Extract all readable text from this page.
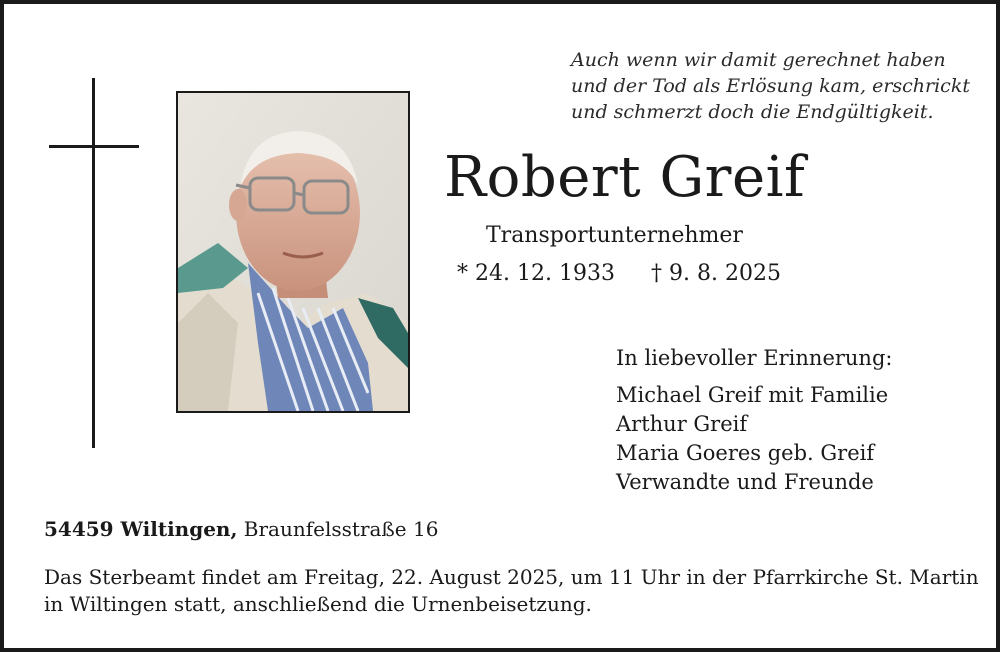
Auch wenn wir damit gerechnet haben
und der Tod als Erlösung kam, erschrickt
und schmerzt doch die Endgültigkeit.
Robert Greif
Transportunternehmer
* 24. 12. 1933 † 9. 8. 2025
In liebevoller Erinnerung:
Michael Greif mit Familie
Arthur Greif
Maria Goeres geb. Greif
Verwandte und Freunde
54459 Wiltingen, Braunfelsstraße 16
Das Sterbeamt findet am Freitag, 22. August 2025, um 11 Uhr in der Pfarrkirche St. Martin
in Wiltingen statt, anschließend die Urnenbeisetzung.
